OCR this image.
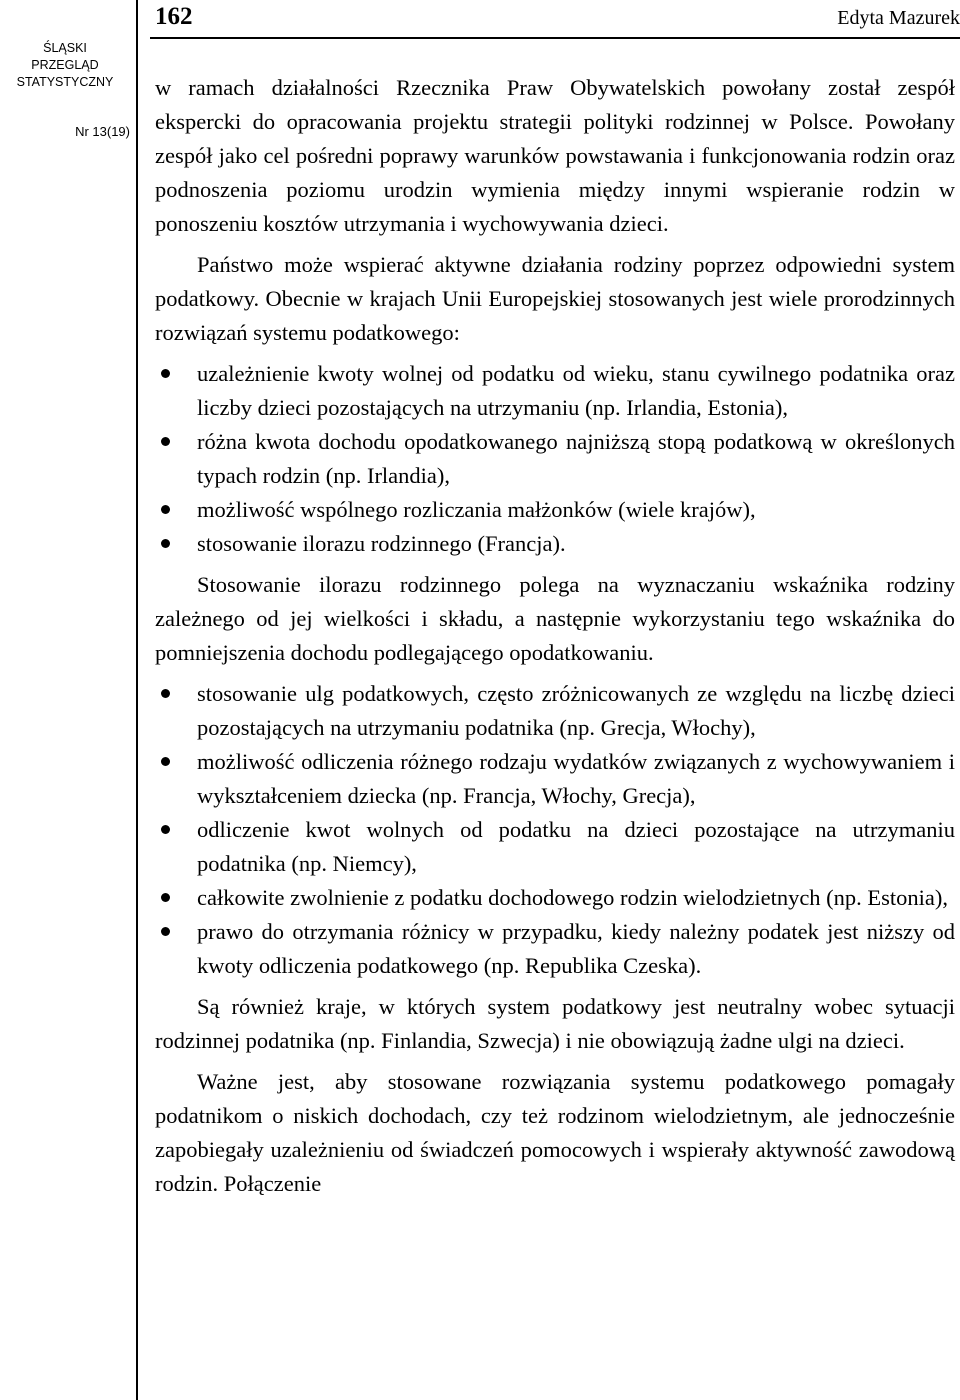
162	Edyta Mazurek
ŚLĄSKI
PRZEGLĄD
STATYSTYCZNY
Nr 13(19)

w ramach działalności Rzecznika Praw Obywatelskich powołany został zespół ekspercki do opracowania projektu strategii polityki rodzinnej w Polsce. Powołany zespół jako cel pośredni poprawy warunków powstawania i funkcjonowania rodzin oraz podnoszenia poziomu urodzin wymienia między innymi wspieranie rodzin w ponoszeniu kosztów utrzymania i wychowywania dzieci.

Państwo może wspierać aktywne działania rodziny poprzez odpowiedni system podatkowy. Obecnie w krajach Unii Europejskiej stosowanych jest wiele prorodzinnych rozwiązań systemu podatkowego:

uzależnienie kwoty wolnej od podatku od wieku, stanu cywilnego podatnika oraz liczby dzieci pozostających na utrzymaniu (np. Irlandia, Estonia),
różna kwota dochodu opodatkowanego najniższą stopą podatkową w określonych typach rodzin (np. Irlandia),
możliwość wspólnego rozliczania małżonków (wiele krajów),
stosowanie ilorazu rodzinnego (Francja).

Stosowanie ilorazu rodzinnego polega na wyznaczaniu wskaźnika rodziny zależnego od jej wielkości i składu, a następnie wykorzystaniu tego wskaźnika do pomniejszenia dochodu podlegającego opodatkowaniu.

stosowanie ulg podatkowych, często zróżnicowanych ze względu na liczbę dzieci pozostających na utrzymaniu podatnika (np. Grecja, Włochy),
możliwość odliczenia różnego rodzaju wydatków związanych z wychowywaniem i wykształceniem dziecka (np. Francja, Włochy, Grecja),
odliczenie kwot wolnych od podatku na dzieci pozostające na utrzymaniu podatnika (np. Niemcy),
całkowite zwolnienie z podatku dochodowego rodzin wielodzietnych (np. Estonia),
prawo do otrzymania różnicy w przypadku, kiedy należny podatek jest niższy od kwoty odliczenia podatkowego (np. Republika Czeska).

Są również kraje, w których system podatkowy jest neutralny wobec sytuacji rodzinnej podatnika (np. Finlandia, Szwecja) i nie obowiązują żadne ulgi na dzieci.

Ważne jest, aby stosowane rozwiązania systemu podatkowego pomagały podatnikom o niskich dochodach, czy też rodzinom wielodzietnym, ale jednocześnie zapobiegały uzależnieniu od świadczeń pomocowych i wspierały aktywność zawodową rodzin. Połączenie
